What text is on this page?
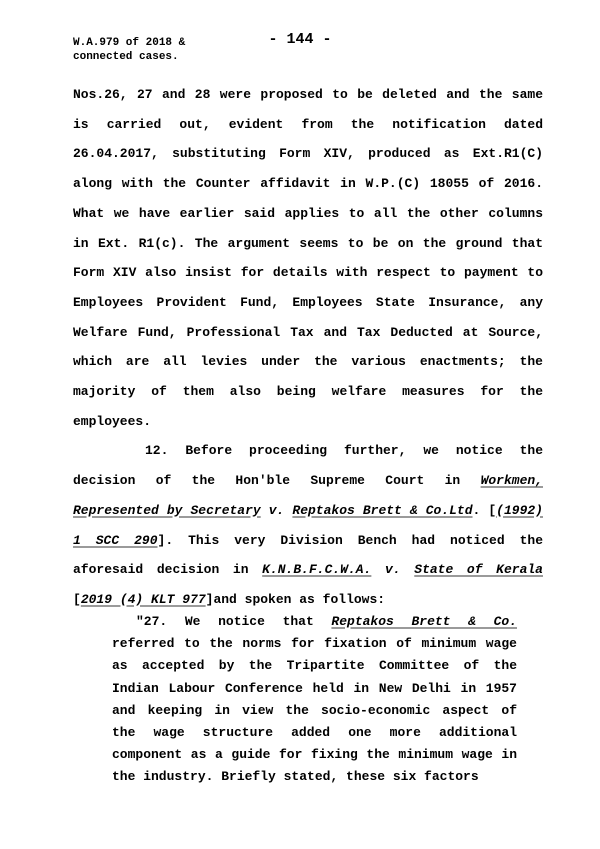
W.A.979 of 2018 &
connected cases.
- 144 -

Nos.26, 27 and 28 were proposed to be deleted and the same is carried out, evident from the notification dated 26.04.2017, substituting Form XIV, produced as Ext.R1(C) along with the Counter affidavit in W.P.(C) 18055 of 2016. What we have earlier said applies to all the other columns in Ext. R1(c). The argument seems to be on the ground that Form XIV also insist for details with respect to payment to Employees Provident Fund, Employees State Insurance, any Welfare Fund, Professional Tax and Tax Deducted at Source, which are all levies under the various enactments; the majority of them also being welfare measures for the employees.

12. Before proceeding further, we notice the decision of the Hon'ble Supreme Court in Workmen, Represented by Secretary v. Reptakos Brett & Co.Ltd. [(1992) 1 SCC 290]. This very Division Bench had noticed the aforesaid decision in K.N.B.F.C.W.A. v. State of Kerala [2019 (4) KLT 977]and spoken as follows:

"27. We notice that Reptakos Brett & Co. referred to the norms for fixation of minimum wage as accepted by the Tripartite Committee of the Indian Labour Conference held in New Delhi in 1957 and keeping in view the socio-economic aspect of the wage structure added one more additional component as a guide for fixing the minimum wage in the industry. Briefly stated, these six factors
